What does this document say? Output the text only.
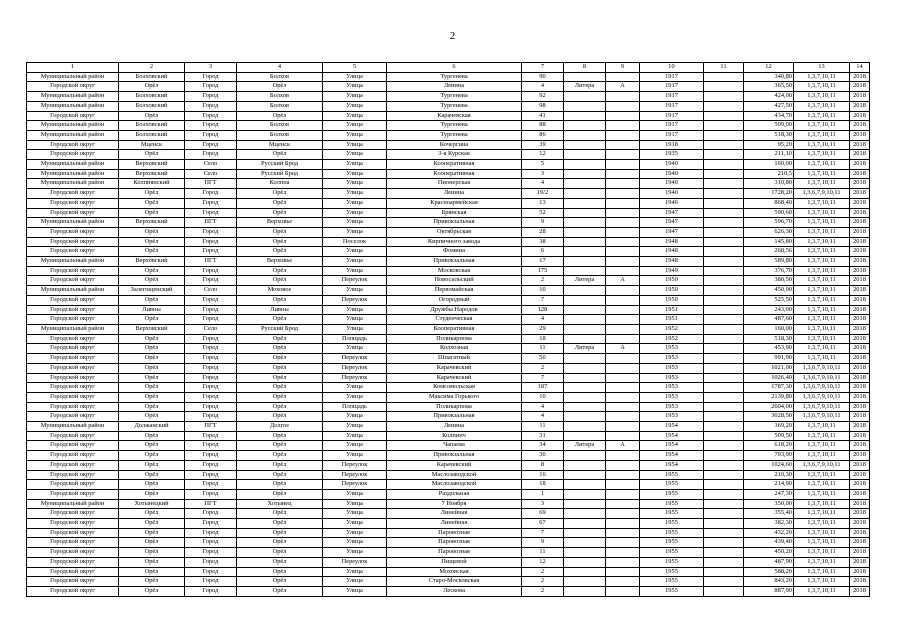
2
1	2	3	4	5	6	7	8	9	10	11	12	13	14
Муниципальный район	Болховский	Город	Болхов	Улица	Тургенева	90			1917		340,80	1,3,7,10,11	2018
Городской округ	Орёл	Город	Орёл	Улица	Ленина	4	Литера	А	1917		365,50	1,3,7,10,11	2018
Муниципальный район	Болховский	Город	Болхов	Улица	Тургенева	92			1917		424,00	1,3,7,10,11	2018
Муниципальный район	Болховский	Город	Болхов	Улица	Тургенева	98			1917		427,50	1,3,7,10,11	2018
Городской округ	Орёл	Город	Орёл	Улица	Карачевская	41			1917		434,70	1,3,7,10,11	2018
Муниципальный район	Болховский	Город	Болхов	Улица	Тургенева	88			1917		509,00	1,3,7,10,11	2018
Муниципальный район	Болховский	Город	Болхов	Улица	Тургенева	86			1917		518,30	1,3,7,10,11	2018
Городской округ	Мценск	Город	Мценск	Улица	Кочергина	39			1918		95,20	1,3,7,10,11	2018
Городской округ	Орёл	Город	Орёл	Улица	3-я Курская	12			1935		211,10	1,3,7,10,11	2018
Муниципальный район	Верховский	Село	Русский Брод	Улица	Кооперативная	5			1940		160,00	1,3,7,10,11	2018
Муниципальный район	Верховский	Село	Русский Брод	Улица	Кооперативная	3			1940		210,5	1,3,7,10,11	2018
Муниципальный район	Колпнянский	ПГТ	Колпна	Улица	Пионерская	4			1940		310,80	1,3,7,10,11	2018
Городской округ	Орёл	Город	Орёл	Улица	Ленина	19/2			1940		1728,20	1,3,6,7,9,10,11	2018
Городской округ	Орёл	Город	Орёл	Улица	Красноармейская	13			1946		868,40	1,3,7,10,11	2018
Городской округ	Орёл	Город	Орёл	Улица	Брянская	52			1947		590,60	1,3,7,10,11	2018
Муниципальный район	Верховский	ПГТ	Верховье	Улица	Привокзальная	9			1947		596,70	1,3,7,10,11	2018
Городской округ	Орёл	Город	Орёл	Улица	Октябрьская	28			1947		626,30	1,3,7,10,11	2018
Городской округ	Орёл	Город	Орёл	Поселок	Кирпичного завода	38			1948		145,80	1,3,7,10,11	2018
Городской округ	Орёл	Город	Орёл	Улица	Фомина	6			1948		268,56	1,3,7,10,11	2018
Муниципальный район	Верховский	ПГТ	Верховье	Улица	Привокзальная	17			1948		589,80	1,3,7,10,11	2018
Городской округ	Орёл	Город	Орёл	Улица	Московская	175			1949		376,70	1,3,7,10,11	2018
Городской округ	Орёл	Город	Орёл	Переулок	Новосильский	2	Литера	А	1950		380,50	1,3,7,10,11	2018
Муниципальный район	Залегощенский	Село	Моховое	Улица	Первомайская	10			1950		450,00	1,3,7,10,11	2018
Городской округ	Орёл	Город	Орёл	Переулок	Огородный	7			1950		525,50	1,3,7,10,11	2018
Городской округ	Ливны	Город	Ливны	Улица	Дружбы Народов	128			1951		243,00	1,3,7,10,11	2018
Городской округ	Орёл	Город	Орёл	Улица	Студенческая	4			1951		487,60	1,3,7,10,11	2018
Муниципальный район	Верховский	Село	Русский Брод	Улица	Кооперативная	29			1952		160,00	1,3,7,10,11	2018
Городской округ	Орёл	Город	Орёл	Площадь	Поликарпова	18			1952		518,30	1,3,7,10,11	2018
Городской округ	Орёл	Город	Орёл	Улица	Колхозная	11	Литера	А	1953		453,90	1,3,7,10,11	2018
Городской округ	Орёл	Город	Орёл	Переулок	Шпагатный	50			1953		991,90	1,3,7,10,11	2018
Городской округ	Орёл	Город	Орёл	Переулок	Карачевский	2			1953		1021,00	1,3,6,7,9,10,11	2018
Городской округ	Орёл	Город	Орёл	Переулок	Карачевский	7			1953		1026,40	1,3,6,7,9,10,11	2018
Городской округ	Орёл	Город	Орёл	Улица	Комсомольская	187			1953		1787,30	1,3,6,7,9,10,11	2018
Городской округ	Орёл	Город	Орёл	Улица	Максима Горького	10			1953		2139,80	1,3,6,7,9,10,11	2018
Городской округ	Орёл	Город	Орёл	Площадь	Поликарпова	4			1953		2604,00	1,3,6,7,9,10,11	2018
Городской округ	Орёл	Город	Орёл	Улица	Привокзальная	4			1953		3028,50	1,3,6,7,9,10,11	2018
Муниципальный район	Должанский	ПГТ	Долгое	Улица	Ленина	11			1954		369,20	1,3,7,10,11	2018
Городской округ	Орёл	Город	Орёл	Улица	Колпинч	31			1954		509,50	1,3,7,10,11	2018
Городской округ	Орёл	Город	Орёл	Улица	Чапаева	34	Литера	А	1954		618,20	1,3,7,10,11	2018
Городской округ	Орёл	Город	Орёл	Улица	Привокзальная	30			1954		793,90	1,3,7,10,11	2018
Городской округ	Орёл	Город	Орёл	Переулок	Карачевский	8			1954		1024,60	1,3,6,7,9,10,11	2018
Городской округ	Орёл	Город	Орёл	Переулок	Маслозаводской	16			1955		210,30	1,3,7,10,11	2018
Городской округ	Орёл	Город	Орёл	Переулок	Маслозаводской	18			1955		214,90	1,3,7,10,11	2018
Городской округ	Орёл	Город	Орёл	Улица	Раздольная	1			1955		247,30	1,3,7,10,11	2018
Муниципальный район	Хотынецкий	ПГТ	Хотынец	Улица	7 Ноября	3			1955		350,00	1,3,7,10,11	2018
Городской округ	Орёл	Город	Орёл	Улица	Линейная	69			1955		355,40	1,3,7,10,11	2018
Городской округ	Орёл	Город	Орёл	Улица	Линейная	67			1955		382,30	1,3,7,10,11	2018
Городской округ	Орёл	Город	Орёл	Улица	Паровозная	7			1955		432,20	1,3,7,10,11	2018
Городской округ	Орёл	Город	Орёл	Улица	Паровозная	9			1955		439,40	1,3,7,10,11	2018
Городской округ	Орёл	Город	Орёл	Улица	Паровозная	11			1955		450,20	1,3,7,10,11	2018
Городской округ	Орёл	Город	Орёл	Переулок	Пищевой	12			1955		487,90	1,3,7,10,11	2018
Городской округ	Орёл	Город	Орёл	Улица	Моховская	2			1955		588,20	1,3,7,10,11	2018
Городской округ	Орёл	Город	Орёл	Улица	Старо-Московская	2			1955		843,20	1,3,7,10,11	2018
Городской округ	Орёл	Город	Орёл	Улица	Лескова	2			1955		887,90	1,3,7,10,11	2018
